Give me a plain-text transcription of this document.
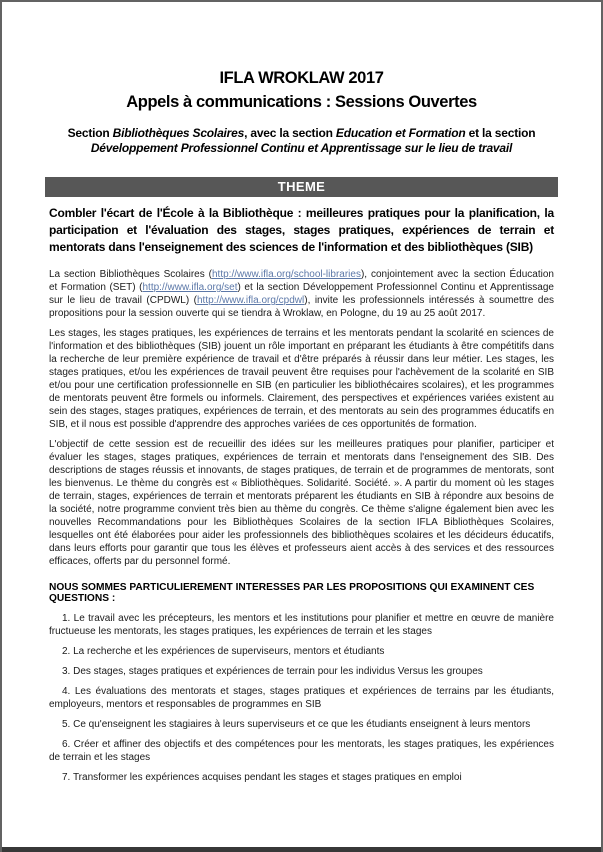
IFLA WROKLAW 2017
Appels à communications : Sessions Ouvertes
Section Bibliothèques Scolaires, avec la section Education et Formation et la section Développement Professionnel Continu et Apprentissage sur le lieu de travail
THEME

Combler l'écart de l'École à la Bibliothèque : meilleures pratiques pour la planification, la participation et l'évaluation des stages, stages pratiques, expériences de terrain et mentorats dans l'enseignement des sciences de l'information et des bibliothèques (SIB)

La section Bibliothèques Scolaires (http://www.ifla.org/school-libraries), conjointement avec la section Éducation et Formation (SET) (http://www.ifla.org/set) et la section Développement Professionnel Continu et Apprentissage sur le lieu de travail (CPDWL) (http://www.ifla.org/cpdwl), invite les professionnels intéressés à soumettre des propositions pour la session ouverte qui se tiendra à Wroklaw, en Pologne, du 19 au 25 août 2017.

Les stages, les stages pratiques, les expériences de terrains et les mentorats pendant la scolarité en sciences de l'information et des bibliothèques (SIB) jouent un rôle important en préparant les étudiants à être compétitifs dans la recherche de leur première expérience de travail et d'être préparés à réussir dans leur métier. Les stages, les stages pratiques, et/ou les expériences de travail peuvent être requises pour l'achèvement de la scolarité en SIB et/ou pour une certification professionnelle en SIB (en particulier les bibliothécaires scolaires), et les programmes de mentorats peuvent être formels ou informels. Clairement, des perspectives et expériences variées existent au sein des stages, stages pratiques, expériences de terrain, et des mentorats au sein des programmes éducatifs en SIB, et il nous est possible d'apprendre des approches variées de ces opportunités de formation.

L'objectif de cette session est de recueillir des idées sur les meilleures pratiques pour planifier, participer et évaluer les stages, stages pratiques, expériences de terrain et mentorats dans l'enseignement des SIB. Des descriptions de stages réussis et innovants, de stages pratiques, de terrain et de programmes de mentorats, sont les bienvenus. Le thème du congrès est « Bibliothèques. Solidarité. Société. ». A partir du moment où les stages de terrain, stages, expériences de terrain et mentorats préparent les étudiants en SIB à répondre aux besoins de la société, notre programme convient très bien au thème du congrès. Ce thème s'aligne également bien avec les nouvelles Recommandations pour les Bibliothèques Scolaires de la section IFLA Bibliothèques Scolaires, lesquelles ont été élaborées pour aider les professionnels des bibliothèques scolaires et les décideurs éducatifs, dans leurs efforts pour garantir que tous les élèves et professeurs aient accès à des services et des ressources efficaces, offerts par du personnel formé.

NOUS SOMMES PARTICULIEREMENT INTERESSES PAR LES PROPOSITIONS QUI EXAMINENT CES QUESTIONS :

1. Le travail avec les précepteurs, les mentors et les institutions pour planifier et mettre en œuvre de manière fructueuse les mentorats, les stages pratiques, les expériences de terrain et les stages

2. La recherche et les expériences de superviseurs, mentors et étudiants

3. Des stages, stages pratiques et expériences de terrain pour les individus Versus les groupes

4. Les évaluations des mentorats et stages, stages pratiques et expériences de terrains par les étudiants, employeurs, mentors et responsables de programmes en SIB

5. Ce qu'enseignent les stagiaires à leurs superviseurs et ce que les étudiants enseignent à leurs mentors

6. Créer et affiner des objectifs et des compétences pour les mentorats, les stages pratiques, les expériences de terrain et les stages

7. Transformer les expériences acquises pendant les stages et stages pratiques en emploi
